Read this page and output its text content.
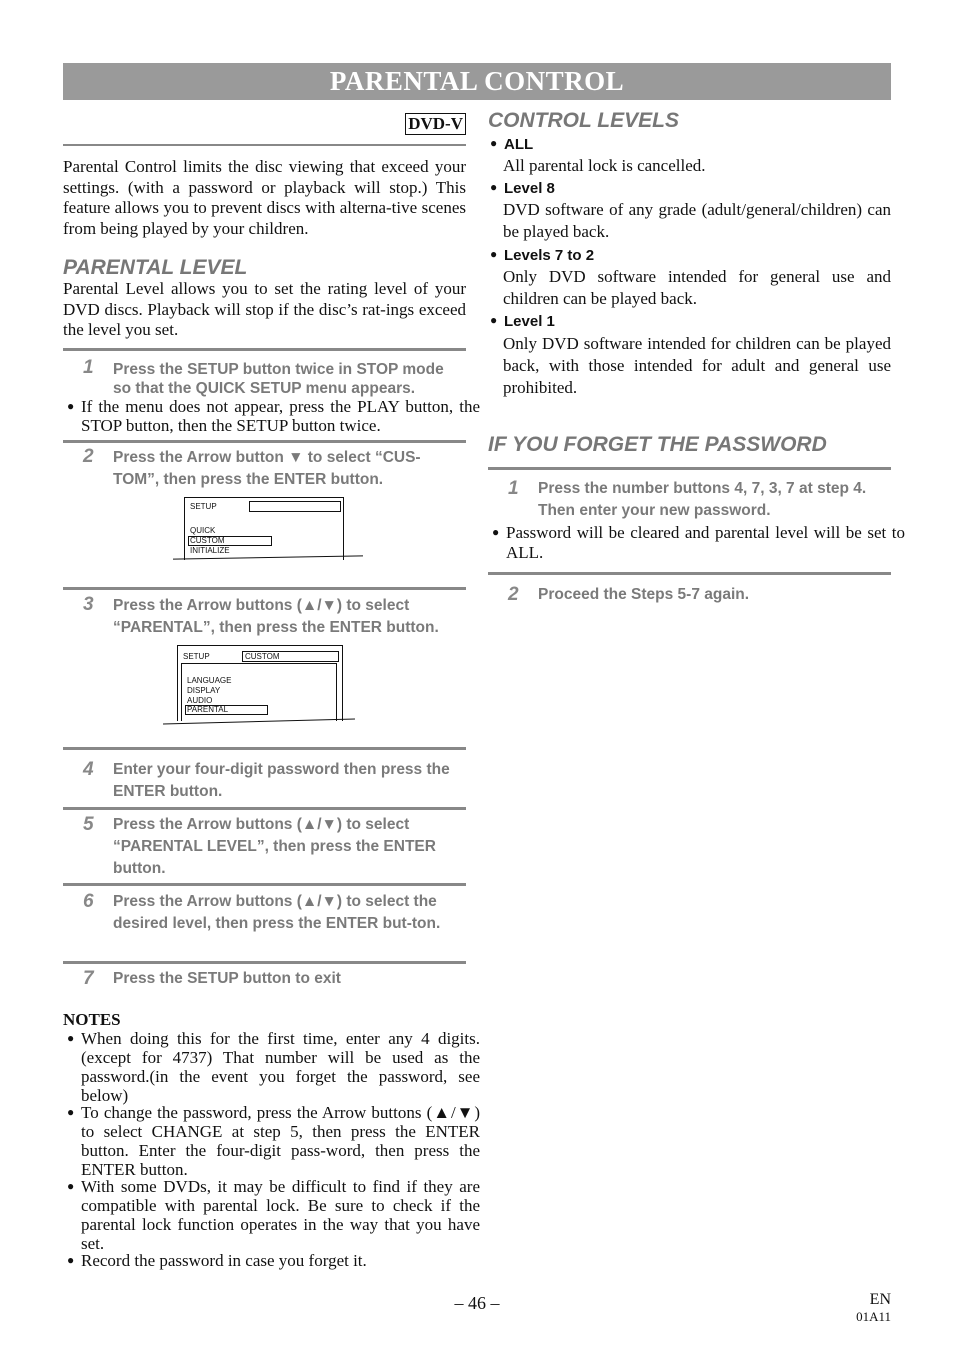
PARENTAL CONTROL
DVD-V

Parental Control limits the disc viewing that exceed your settings. (with a password or playback will stop.) This feature allows you to prevent discs with alterna-tive scenes from being played by your children.

PARENTAL LEVEL

Parental Level allows you to set the rating level of your DVD discs. Playback will stop if the disc’s rat-ings exceed the level you set.

1 Press the SETUP button twice in STOP mode so that the QUICK SETUP menu appears.

● If the menu does not appear, press the PLAY button, the STOP button, then the SETUP button twice.

2 Press the Arrow button ▼ to select “CUS-TOM”, then press the ENTER button.

SETUP
QUICK
CUSTOM
INITIALIZE
3 Press the Arrow buttons (▲/▼) to select “PARENTAL”, then press the ENTER button.

SETUP	CUSTOM
LANGUAGE
DISPLAY
AUDIO
PARENTAL
4 Enter your four-digit password then press the ENTER button.

5 Press the Arrow buttons (▲/▼) to select “PARENTAL LEVEL”, then press the ENTER button.

6 Press the Arrow buttons (▲/▼) to select the desired level, then press the ENTER but-ton.

7 Press the SETUP button to exit

NOTES

● When doing this for the first time, enter any 4 digits. (except for 4737) That number will be used as the password.(in the event you forget the password, see below)

● To change the password, press the Arrow buttons (▲/▼) to select CHANGE at step 5, then press the ENTER button. Enter the four-digit pass-word, then press the ENTER button.

● With some DVDs, it may be difficult to find if they are compatible with parental lock. Be sure to check if the parental lock function operates in the way that you have set.

● Record the password in case you forget it.

CONTROL LEVELS
● ALL

All parental lock is cancelled.

● Level 8

DVD software of any grade (adult/general/children) can be played back.

● Levels 7 to 2

Only DVD software intended for general use and children can be played back.

● Level 1

Only DVD software intended for children can be played back, with those intended for adult and general use prohibited.

IF YOU FORGET THE PASSWORD
1 Press the number buttons 4, 7, 3, 7 at step 4. Then enter your new password.

● Password will be cleared and parental level will be set to ALL.

2 Proceed the Steps 5-7 again.

– 46 –	EN
01A11
